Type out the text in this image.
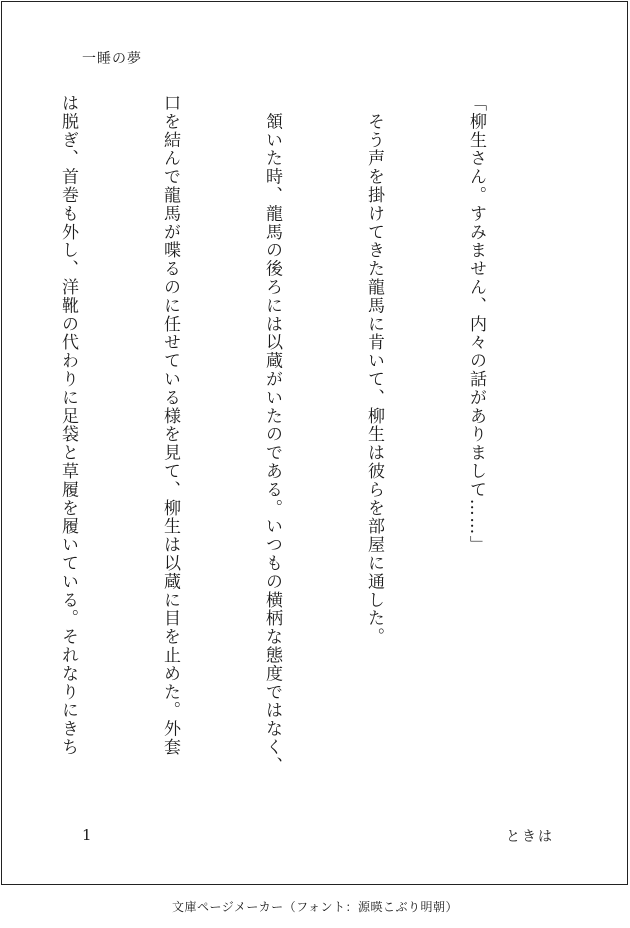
一睡の夢

「柳生さん。すみません、内々の話がありまして……」

　そう声を掛けてきた龍馬に肯いて、柳生は彼らを部屋に通した。

　頷いた時、龍馬の後ろには以蔵がいたのである。いつもの横柄な態度ではなく、

口を結んで龍馬が喋るのに任せている様を見て、柳生は以蔵に目を止めた。外套

は脱ぎ、首巻も外し、洋靴の代わりに足袋と草履を履いている。それなりにきち

1	ときは
文庫ページメーカー（フォント：源暎こぶり明朝）
